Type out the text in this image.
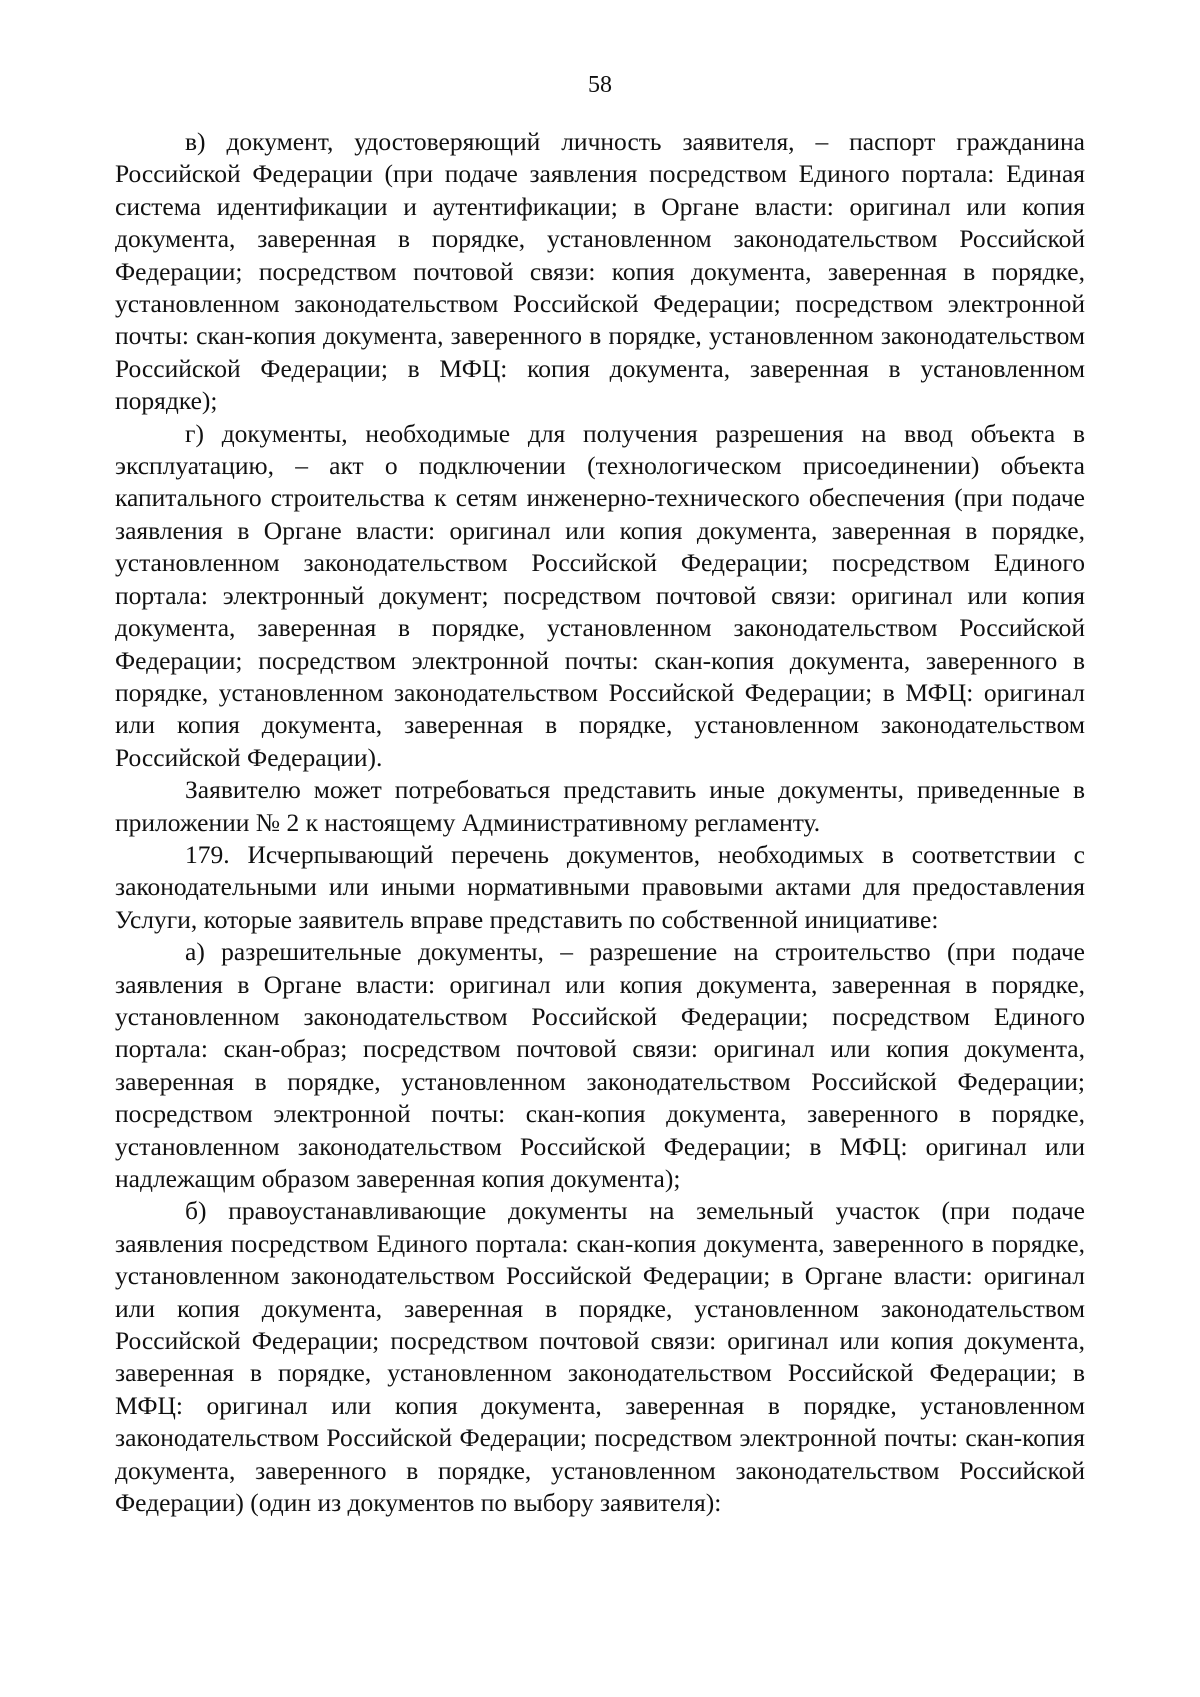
58

в) документ, удостоверяющий личность заявителя, – паспорт гражданина Российской Федерации (при подаче заявления посредством Единого портала: Единая система идентификации и аутентификации; в Органе власти: оригинал или копия документа, заверенная в порядке, установленном законодательством Российской Федерации; посредством почтовой связи: копия документа, заверенная в порядке, установленном законодательством Российской Федерации; посредством электронной почты: скан-копия документа, заверенного в порядке, установленном законодательством Российской Федерации; в МФЦ: копия документа, заверенная в установленном порядке);

г) документы, необходимые для получения разрешения на ввод объекта в эксплуатацию, – акт о подключении (технологическом присоединении) объекта капитального строительства к сетям инженерно-технического обеспечения (при подаче заявления в Органе власти: оригинал или копия документа, заверенная в порядке, установленном законодательством Российской Федерации; посредством Единого портала: электронный документ; посредством почтовой связи: оригинал или копия документа, заверенная в порядке, установленном законодательством Российской Федерации; посредством электронной почты: скан-копия документа, заверенного в порядке, установленном законодательством Российской Федерации; в МФЦ: оригинал или копия документа, заверенная в порядке, установленном законодательством Российской Федерации).

Заявителю может потребоваться представить иные документы, приведенные в приложении № 2 к настоящему Административному регламенту.

179. Исчерпывающий перечень документов, необходимых в соответствии с законодательными или иными нормативными правовыми актами для предоставления Услуги, которые заявитель вправе представить по собственной инициативе:

а) разрешительные документы, – разрешение на строительство (при подаче заявления в Органе власти: оригинал или копия документа, заверенная в порядке, установленном законодательством Российской Федерации; посредством Единого портала: скан-образ; посредством почтовой связи: оригинал или копия документа, заверенная в порядке, установленном законодательством Российской Федерации; посредством электронной почты: скан-копия документа, заверенного в порядке, установленном законодательством Российской Федерации; в МФЦ: оригинал или надлежащим образом заверенная копия документа);

б) правоустанавливающие документы на земельный участок (при подаче заявления посредством Единого портала: скан-копия документа, заверенного в порядке, установленном законодательством Российской Федерации; в Органе власти: оригинал или копия документа, заверенная в порядке, установленном законодательством Российской Федерации; посредством почтовой связи: оригинал или копия документа, заверенная в порядке, установленном законодательством Российской Федерации; в МФЦ: оригинал или копия документа, заверенная в порядке, установленном законодательством Российской Федерации; посредством электронной почты: скан-копия документа, заверенного в порядке, установленном законодательством Российской Федерации) (один из документов по выбору заявителя):
